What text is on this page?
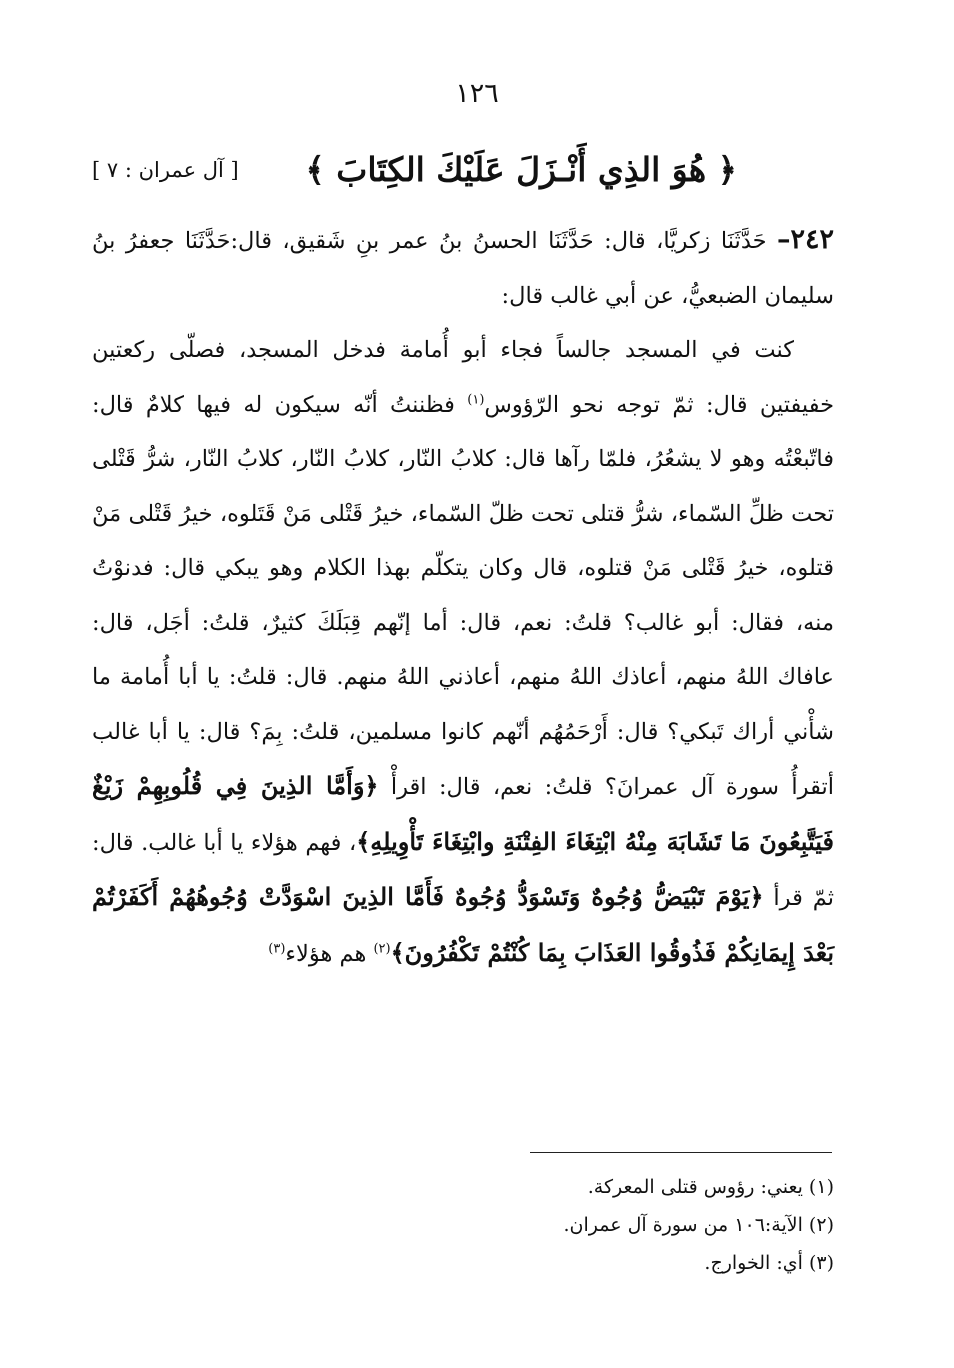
١٢٦
﴿ هُوَ الذِي أَنْـزَلَ عَلَيْكَ الكِتَابَ ﴾
[ آل عمران : ٧ ]

٢٤٢– حَدَّثَنَا زكريَّا، قال: حَدَّثَنَا الحسنُ بنُ عمر بنِ شَقيق، قال:حَدَّثَنَا جعفرُ بنُ سليمان الضبعيُّ، عن أبي غالب قال:

كنت في المسجد جالساً فجاء أبو أُمامة فدخل المسجد، فصلّى ركعتين خفيفتين قال: ثمّ توجه نحو الرّؤوس$^{(١)}$ فظننتُ أنّه سيكون له فيها كلامٌ قال: فاتّبعْتُه وهو لا يشعُرُ، فلمّا رآها قال: كلابُ النّار، كلابُ النّار، كلابُ النّار، شرُّ قَتْلى تحت ظلِّ السّماء، شرُّ قتلى تحت ظلّ السّماء، خيرُ قَتْلى مَنْ قَتَلوه، خيرُ قَتْلى مَنْ قتلوه، خيرُ قَتْلى مَنْ قتلوه، قال وكان يتكلّم بهذا الكلام وهو يبكي قال: فدنوْتُ منه، فقال: أبو غالب؟ قلتُ: نعم، قال: أما إنّهم قِبَلَكَ كثيرٌ، قلتُ: أجَل، قال: عافاك اللهُ منهم، أعاذك اللهُ منهم، أعاذني اللهُ منهم. قال: قلتُ: يا أبا أُمامة ما شأْني أراك تَبكي؟ قال: أَرْحَمُهُم أنّهم كانوا مسلمين، قلتُ: بِمَ؟ قال: يا أبا غالب أتقرأُ سورة آل عمرانَ؟ قلتُ: نعم، قال: اقرأْ ﴿وَأَمَّا الذِينَ فِي قُلُوبِهِمْ زَيْغٌ فَيَتَّبِعُونَ مَا تَشَابَهَ مِنْهُ ابْتِغَاءَ الفِتْنَةِ وابْتِغَاءَ تَأْوِيلِهِ﴾، فهم هؤلاء يا أبا غالب. قال: ثمّ قرأ ﴿يَوْمَ تَبْيَضُّ وُجُوهٌ وَتَسْوَدُّ وُجُوهٌ فَأَمَّا الذِينَ اسْوَدَّتْ وُجُوهُهُمْ أَكَفَرْتُمْ بَعْدَ إِيمَانِكُمْ فَذُوقُوا العَذَابَ بِمَا كُنْتُمْ تَكْفُرُونَ﴾$^{(٢)}$ هم هؤلاء$^{(٣)}$

(١) يعني: رؤوس قتلى المعركة.
(٢) الآية:١٠٦ من سورة آل عمران.
(٣) أي: الخوارج.
